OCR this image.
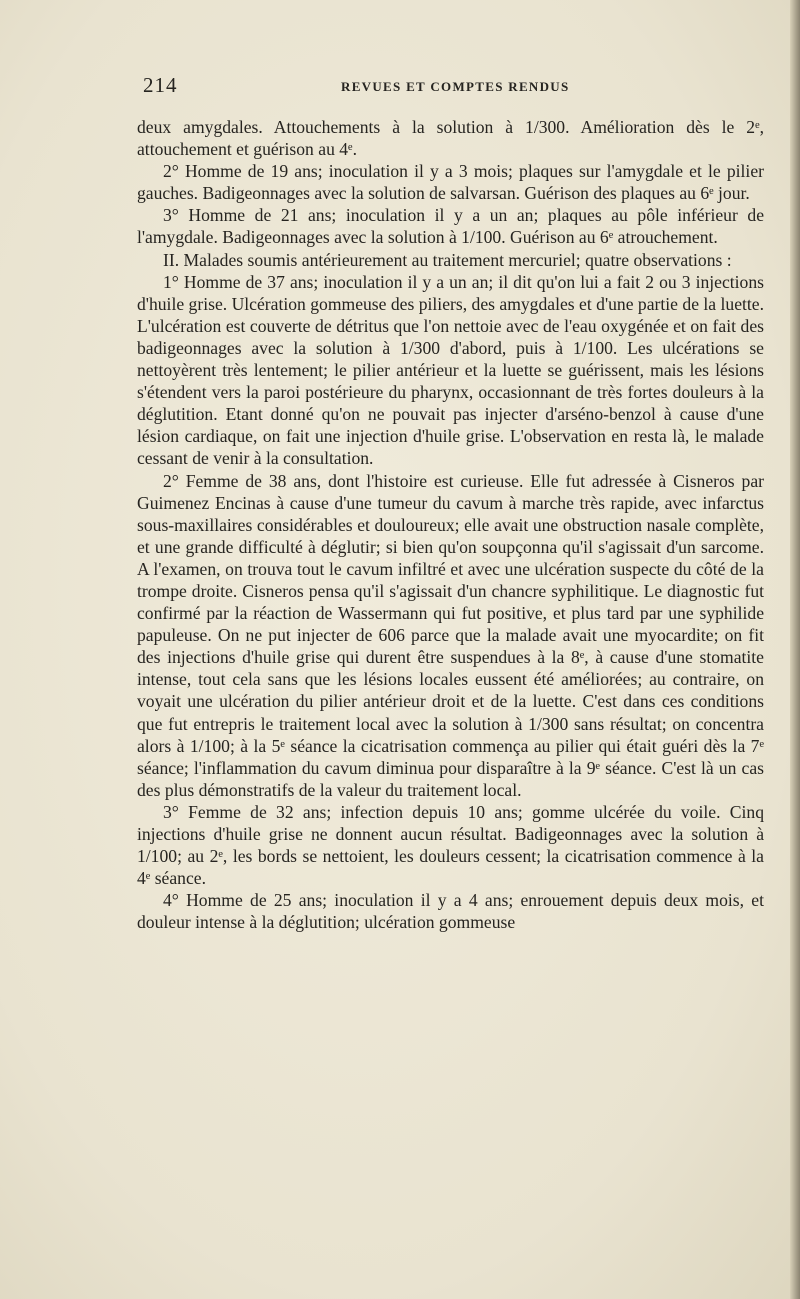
214	REVUES ET COMPTES RENDUS

deux amygdales. Attouchements à la solution à 1/300. Amélioration dès le 2ᵉ, attouchement et guérison au 4ᵉ.

2° Homme de 19 ans; inoculation il y a 3 mois; plaques sur l'amygdale et le pilier gauches. Badigeonnages avec la solution de salvarsan. Guérison des plaques au 6ᵉ jour.

3° Homme de 21 ans; inoculation il y a un an; plaques au pôle inférieur de l'amygdale. Badigeonnages avec la solution à 1/100. Guérison au 6ᵉ atrouchement.

II. Malades soumis antérieurement au traitement mercuriel; quatre observations :

1° Homme de 37 ans; inoculation il y a un an; il dit qu'on lui a fait 2 ou 3 injections d'huile grise. Ulcération gommeuse des piliers, des amygdales et d'une partie de la luette. L'ulcération est couverte de détritus que l'on nettoie avec de l'eau oxygénée et on fait des badigeonnages avec la solution à 1/300 d'abord, puis à 1/100. Les ulcérations se nettoyèrent très lentement; le pilier antérieur et la luette se guérissent, mais les lésions s'étendent vers la paroi postérieure du pharynx, occasionnant de très fortes douleurs à la déglutition. Etant donné qu'on ne pouvait pas injecter d'arséno-benzol à cause d'une lésion cardiaque, on fait une injection d'huile grise. L'observation en resta là, le malade cessant de venir à la consultation.

2° Femme de 38 ans, dont l'histoire est curieuse. Elle fut adressée à Cisneros par Guimenez Encinas à cause d'une tumeur du cavum à marche très rapide, avec infarctus sous-maxillaires considérables et douloureux; elle avait une obstruction nasale complète, et une grande difficulté à déglutir; si bien qu'on soupçonna qu'il s'agissait d'un sarcome. A l'examen, on trouva tout le cavum infiltré et avec une ulcération suspecte du côté de la trompe droite. Cisneros pensa qu'il s'agissait d'un chancre syphilitique. Le diagnostic fut confirmé par la réaction de Wassermann qui fut positive, et plus tard par une syphilide papuleuse. On ne put injecter de 606 parce que la malade avait une myocardite; on fit des injections d'huile grise qui durent être suspendues à la 8ᵉ, à cause d'une stomatite intense, tout cela sans que les lésions locales eussent été améliorées; au contraire, on voyait une ulcération du pilier antérieur droit et de la luette. C'est dans ces conditions que fut entrepris le traitement local avec la solution à 1/300 sans résultat; on concentra alors à 1/100; à la 5ᵉ séance la cicatrisation commença au pilier qui était guéri dès la 7ᵉ séance; l'inflammation du cavum diminua pour disparaître à la 9ᵉ séance. C'est là un cas des plus démonstratifs de la valeur du traitement local.

3° Femme de 32 ans; infection depuis 10 ans; gomme ulcérée du voile. Cinq injections d'huile grise ne donnent aucun résultat. Badigeonnages avec la solution à 1/100; au 2ᵉ, les bords se nettoient, les douleurs cessent; la cicatrisation commence à la 4ᵉ séance.

4° Homme de 25 ans; inoculation il y a 4 ans; enrouement depuis deux mois, et douleur intense à la déglutition; ulcération gommeuse
